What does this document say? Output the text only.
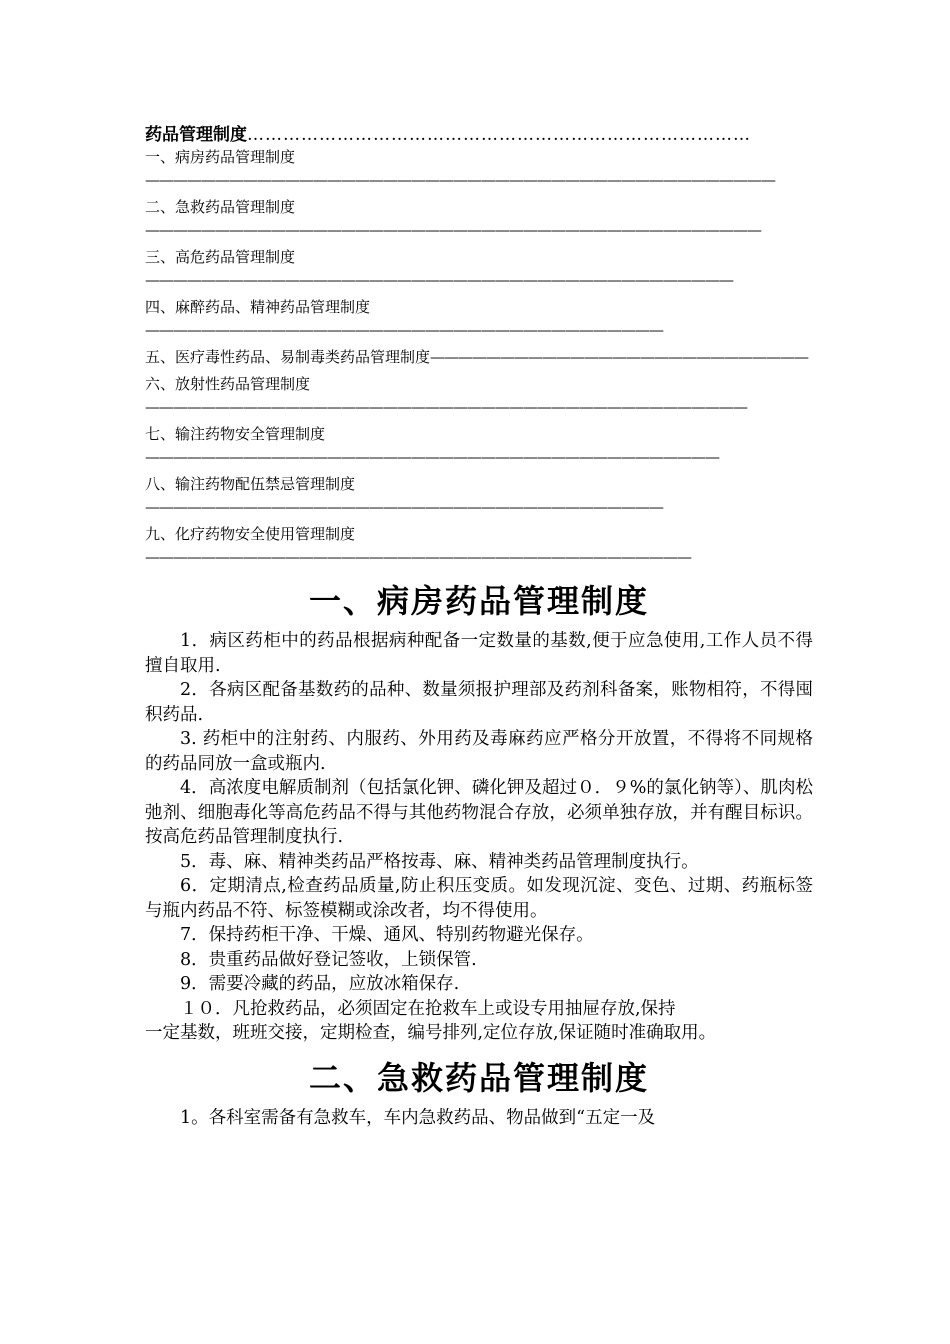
药品管理制度…………………………………………………………………………
一、病房药品管理制度—————————————————————————————————————————————
二、急救药品管理制度————————————————————————————————————————————
三、高危药品管理制度——————————————————————————————————————————
四、麻醉药品、精神药品管理制度—————————————————————————————————————
五、医疗毒性药品、易制毒类药品管理制度———————————————————————————
六、放射性药品管理制度———————————————————————————————————————————
七、输注药物安全管理制度—————————————————————————————————————————
八、输注药物配伍禁忌管理制度—————————————————————————————————————
九、化疗药物安全使用管理制度———————————————————————————————————————
一、病房药品管理制度

1．病区药柜中的药品根据病种配备一定数量的基数,便于应急使用,工作人员不得擅自取用.

2．各病区配备基数药的品种、数量须报护理部及药剂科备案，账物相符，不得囤积药品.

3. 药柜中的注射药、内服药、外用药及毒麻药应严格分开放置，不得将不同规格的药品同放一盒或瓶内.

4．高浓度电解质制剂（包括氯化钾、磷化钾及超过０．９%的氯化钠等）、肌肉松弛剂、细胞毒化等高危药品不得与其他药物混合存放，必须单独存放，并有醒目标识。按高危药品管理制度执行.

5．毒、麻、精神类药品严格按毒、麻、精神类药品管理制度执行。

6．定期清点,检查药品质量,防止积压变质。如发现沉淀、变色、过期、药瓶标签与瓶内药品不符、标签模糊或涂改者，均不得使用。

7．保持药柜干净、干燥、通风、特别药物避光保存。

8．贵重药品做好登记签收，上锁保管.

9．需要冷藏的药品，应放冰箱保存.

１０．凡抢救药品，必须固定在抢救车上或设专用抽屉存放,保持

一定基数，班班交接，定期检查，编号排列,定位存放,保证随时准确取用。

二、急救药品管理制度

1。各科室需备有急救车，车内急救药品、物品做到“五定一及
